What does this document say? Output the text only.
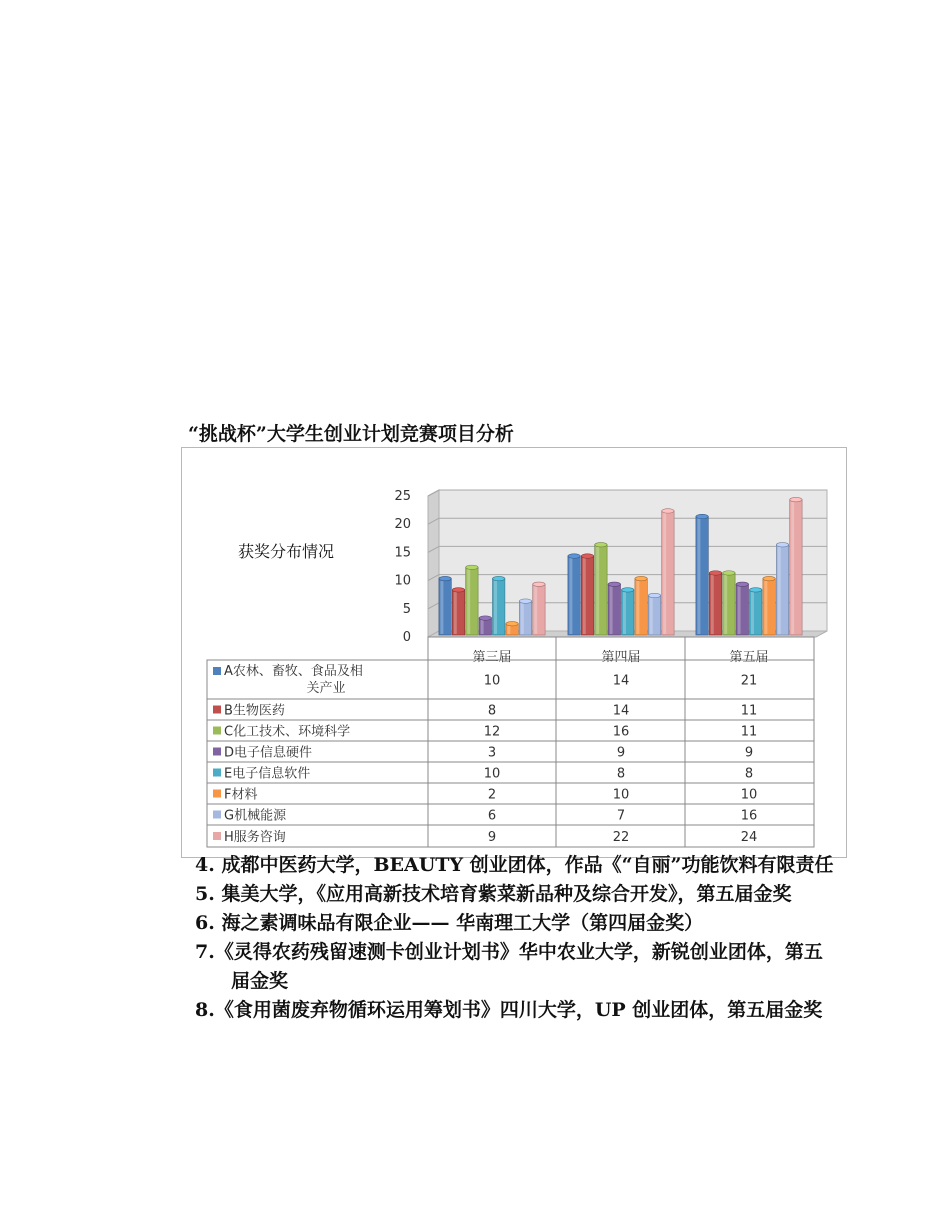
“挑战杯”大学生创业计划竞赛项目分析
获奖分布情况
0
5
10
15
20
25
第三届	第四届	第五届
A农林、畜牧、食品及相
关产业	10	14	21
B生物医药	8	14	11
C化工技术、环境科学	12	16	11
D电子信息硬件	3	9	9
E电子信息软件	10	8	8
F材料	2	10	10
G机械能源	6	7	16
H服务咨询	9	22	24

4. 成都中医药大学，BEAUTY 创业团体，作品《“自丽”功能饮料有限责任

5. 集美大学，《应用高新技术培育紫菜新品种及综合开发》，第五届金奖

6. 海之素调味品有限企业—— 华南理工大学（第四届金奖）

7.《灵得农药残留速测卡创业计划书》华中农业大学，新锐创业团体，第五届金奖

8.《食用菌废弃物循环运用筹划书》四川大学，UP 创业团体，第五届金奖
